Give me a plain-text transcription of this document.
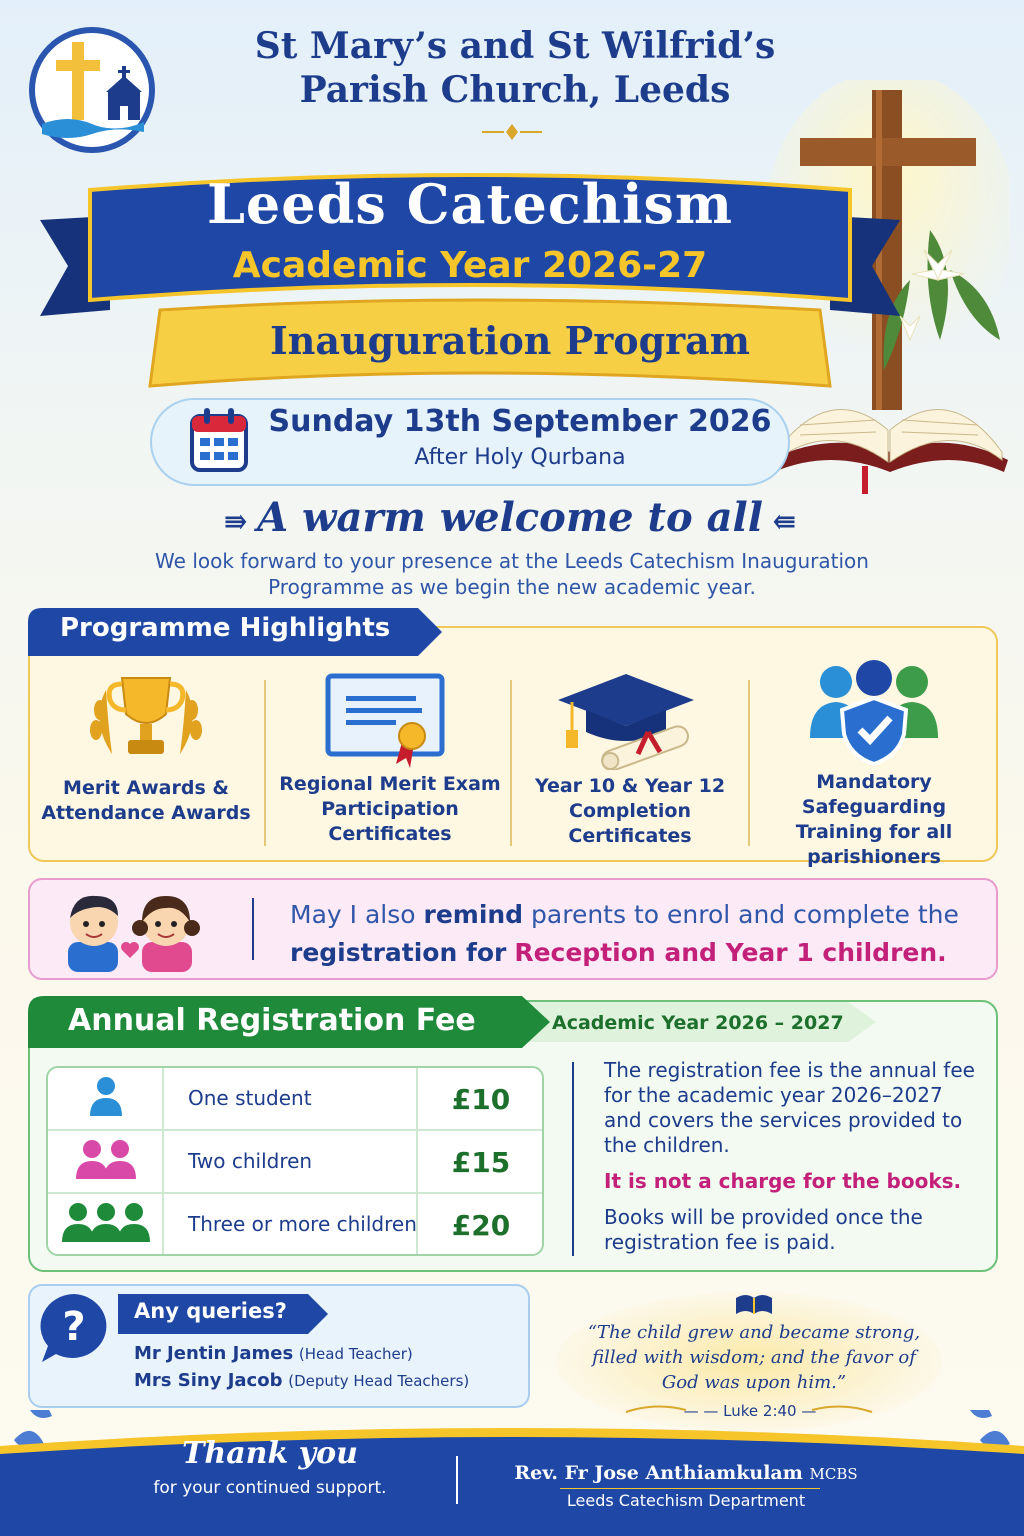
St Mary’s and St Wilfrid’s
Parish Church, Leeds
Leeds Catechism
Academic Year 2026-27
Inauguration Program
Sunday 13th September 2026
After Holy Qurbana
⇛ A warm welcome to all ⇚
We look forward to your presence at the Leeds Catechism Inauguration Programme as we begin the new academic year.
Programme Highlights
Merit Awards & Attendance Awards
Regional Merit Exam Participation Certificates
Year 10 & Year 12 Completion Certificates
Mandatory Safeguarding Training for all parishioners
May I also remind parents to enrol and complete the registration for Reception and Year 1 children.
Annual Registration Fee	Academic Year 2026 – 2027
One student	£10
Two children	£15
Three or more children	£20
The registration fee is the annual fee for the academic year 2026–2027 and covers the services provided to the children.
It is not a charge for the books.
Books will be provided once the registration fee is paid.
? Any queries?
Mr Jentin James (Head Teacher)
Mrs Siny Jacob (Deputy Head Teachers)
“The child grew and became strong, filled with wisdom; and the favor of God was upon him.”
— — Luke 2:40 —
Thank you
for your continued support.
Rev. Fr Jose Anthiamkulam MCBS
Leeds Catechism Department
